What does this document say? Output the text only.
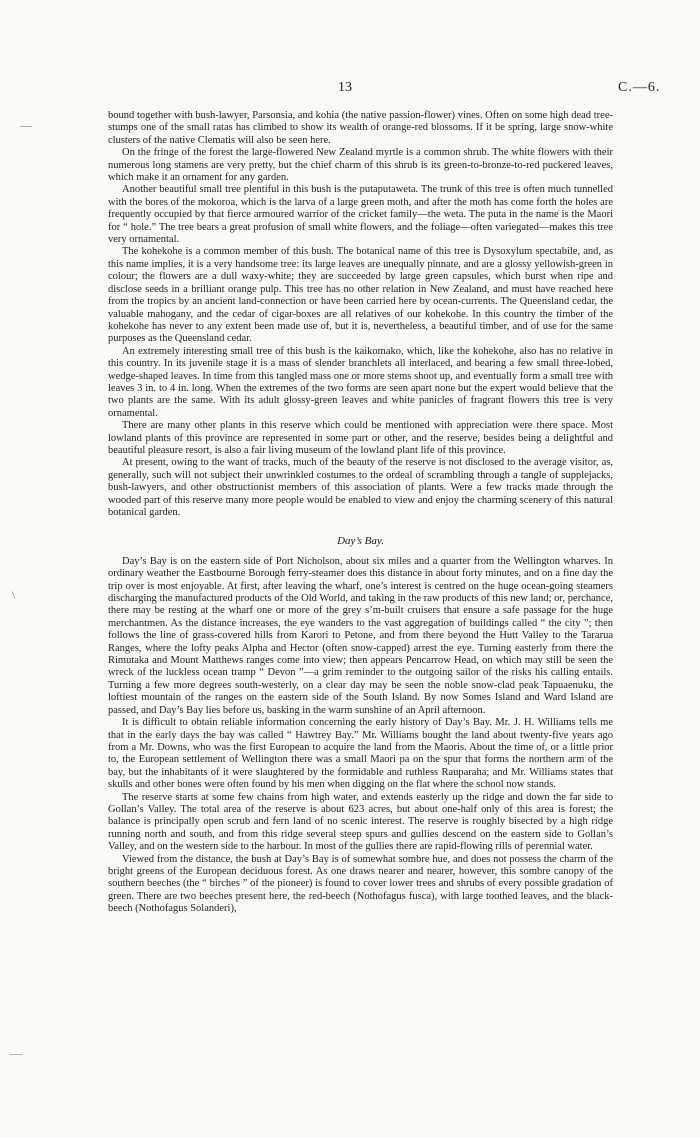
13	C.—6.
—
\
—

bound together with bush-lawyer, Parsonsia, and kohia (the native passion-flower) vines. Often on some high dead tree-stumps one of the small ratas has climbed to show its wealth of orange-red blossoms. If it be spring, large snow-white clusters of the native Clematis will also be seen here.

On the fringe of the forest the large-flowered New Zealand myrtle is a common shrub. The white flowers with their numerous long stamens are very pretty, but the chief charm of this shrub is its green-to-bronze-to-red puckered leaves, which make it an ornament for any garden.

Another beautiful small tree plentiful in this bush is the putaputaweta. The trunk of this tree is often much tunnelled with the bores of the mokoroa, which is the larva of a large green moth, and after the moth has come forth the holes are frequently occupied by that fierce armoured warrior of the cricket family—the weta. The puta in the name is the Maori for “ hole.” The tree bears a great profusion of small white flowers, and the foliage—often variegated—makes this tree very ornamental.

The kohekohe is a common member of this bush. The botanical name of this tree is Dysoxylum spectabile, and, as this name implies, it is a very handsome tree: its large leaves are unequally pinnate, and are a glossy yellowish-green in colour; the flowers are a dull waxy-white; they are succeeded by large green capsules, which burst when ripe and disclose seeds in a brilliant orange pulp. This tree has no other relation in New Zealand, and must have reached here from the tropics by an ancient land-connection or have been carried here by ocean-currents. The Queensland cedar, the valuable mahogany, and the cedar of cigar-boxes are all relatives of our kohekohe. In this country the timber of the kohekohe has never to any extent been made use of, but it is, nevertheless, a beautiful timber, and of use for the same purposes as the Queensland cedar.

An extremely interesting small tree of this bush is the kaikomako, which, like the kohekohe, also has no relative in this country. In its juvenile stage it is a mass of slender branchlets all interlaced, and bearing a few small three-lobed, wedge-shaped leaves. In time from this tangled mass one or more stems shoot up, and eventually form a small tree with leaves 3 in. to 4 in. long. When the extremes of the two forms are seen apart none but the expert would believe that the two plants are the same. With its adult glossy-green leaves and white panicles of fragrant flowers this tree is very ornamental.

There are many other plants in this reserve which could be mentioned with appreciation were there space. Most lowland plants of this province are represented in some part or other, and the reserve, besides being a delightful and beautiful pleasure resort, is also a fair living museum of the lowland plant life of this province.

At present, owing to the want of tracks, much of the beauty of the reserve is not disclosed to the average visitor, as, generally, such will not subject their unwrinkled costumes to the ordeal of scrambling through a tangle of supplejacks, bush-lawyers, and other obstructionist members of this association of plants. Were a few tracks made through the wooded part of this reserve many more people would be enabled to view and enjoy the charming scenery of this natural botanical garden.

Day’s Bay.

Day’s Bay is on the eastern side of Port Nicholson, about six miles and a quarter from the Wellington wharves. In ordinary weather the Eastbourne Borough ferry-steamer does this distance in about forty minutes, and on a fine day the trip over is most enjoyable. At first, after leaving the wharf, one’s interest is centred on the huge ocean-going steamers discharging the manufactured products of the Old World, and taking in the raw products of this new land; or, perchance, there may be resting at the wharf one or more of the grey s’m-built cruisers that ensure a safe passage for the huge merchantmen. As the distance increases, the eye wanders to the vast aggregation of buildings called “ the city ”; then follows the line of grass-covered hills from Karori to Petone, and from there beyond the Hutt Valley to the Tararua Ranges, where the lofty peaks Alpha and Hector (often snow-capped) arrest the eye. Turning easterly from there the Rimutaka and Mount Matthews ranges come into view; then appears Pencarrow Head, on which may still be seen the wreck of the luckless ocean tramp “ Devon ”—a grim reminder to the outgoing sailor of the risks his calling entails. Turning a few more degrees south-westerly, on a clear day may be seen the noble snow-clad peak Tapuaenuku, the loftiest mountain of the ranges on the eastern side of the South Island. By now Somes Island and Ward Island are passed, and Day’s Bay lies before us, basking in the warm sunshine of an April afternoon.

It is difficult to obtain reliable information concerning the early history of Day’s Bay. Mr. J. H. Williams tells me that in the early days the bay was called “ Hawtrey Bay.” Mr. Williams bought the land about twenty-five years ago from a Mr. Downs, who was the first European to acquire the land from the Maoris. About the time of, or a little prior to, the European settlement of Wellington there was a small Maori pa on the spur that forms the northern arm of the bay, but the inhabitants of it were slaughtered by the formidable and ruthless Rauparaha; and Mr. Williams states that skulls and other bones were often found by his men when digging on the flat where the school now stands.

The reserve starts at some few chains from high water, and extends easterly up the ridge and down the far side to Gollan’s Valley. The total area of the reserve is about 623 acres, but about one-half only of this area is forest; the balance is principally open scrub and fern land of no scenic interest. The reserve is roughly bisected by a high ridge running north and south, and from this ridge several steep spurs and gullies descend on the eastern side to Gollan’s Valley, and on the western side to the harbour. In most of the gullies there are rapid-flowing rills of perennial water.

Viewed from the distance, the bush at Day’s Bay is of somewhat sombre hue, and does not possess the charm of the bright greens of the European deciduous forest. As one draws nearer and nearer, however, this sombre canopy of the southern beeches (the “ birches ” of the pioneer) is found to cover lower trees and shrubs of every possible gradation of green. There are two beeches present here, the red-beech (Nothofagus fusca), with large toothed leaves, and the black-beech (Nothofagus Solanderi),
